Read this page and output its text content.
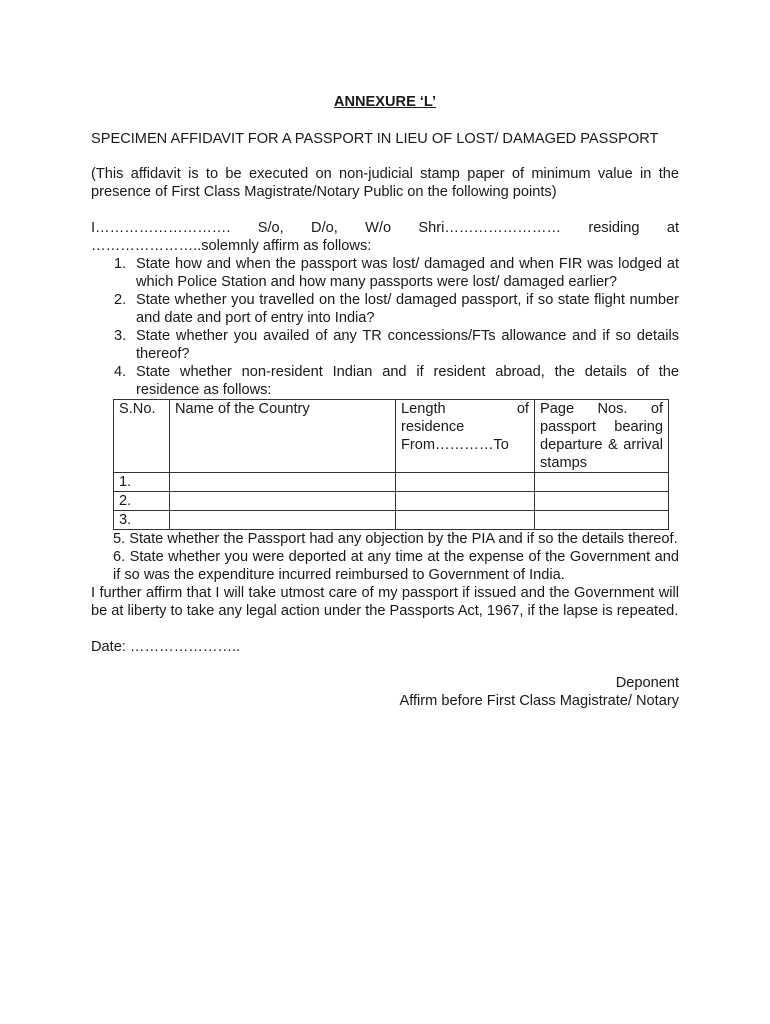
ANNEXURE ‘L’
SPECIMEN AFFIDAVIT FOR A PASSPORT IN LIEU OF LOST/ DAMAGED PASSPORT
(This affidavit is to be executed on non-judicial stamp paper of minimum value in the presence of First Class Magistrate/Notary Public on the following points)
I………………………. S/o, D/o, W/o Shri…………………… residing at
…………………..solemnly affirm as follows:
1. State how and when the passport was lost/ damaged and when FIR was lodged at which Police Station and how many passports were lost/ damaged earlier?
2. State whether you travelled on the lost/ damaged passport, if so state flight number and date and port of entry into India?
3. State whether you availed of any TR concessions/FTs allowance and if so details thereof?
4. State whether non-resident Indian and if resident abroad, the details of the residence as follows:
S.No.	Name of the Country	Length of residence From…………To	Page Nos. of passport bearing departure & arrival stamps
1.			
2.			
3.			
5. State whether the Passport had any objection by the PIA and if so the details thereof.
6. State whether you were deported at any time at the expense of the Government and if so was the expenditure incurred reimbursed to Government of India.
I further affirm that I will take utmost care of my passport if issued and the Government will be at liberty to take any legal action under the Passports Act, 1967, if the lapse is repeated.
Date: …………………..
Deponent
Affirm before First Class Magistrate/ Notary
